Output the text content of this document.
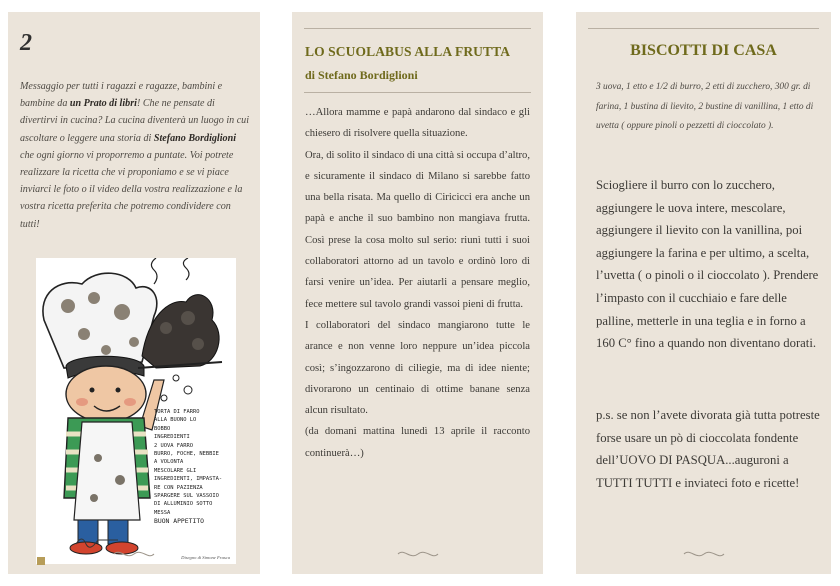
2

Messaggio per tutti i ragazzi e ragazze, bambini e bambine da un Prato di libri! Che ne pensate di divertirvi in cucina? La cucina diventerà un luogo in cui ascoltare o leggere una storia di Stefano Bordiglioni che ogni giorno vi proporremo a puntate. Voi potrete realizzare la ricetta che vi proponiamo e se vi piace inviarci le foto o il video della vostra realizzazione e la vostra ricetta preferita che potremo condividere con tutti!

TORTA DI FARRO
ALLA BUONO LO
BOBBO
INGREDIENTI
2 UOVA FARRO
BURRO, FOCHE, NEBBIE
A VOLONTA
MESCOLARE GLI
INGREDIENTI, IMPASTA-
RE CON PAZIENZA
SPARGERE SUL VASSOIO
DI ALLUMINIO SOTTO
MESSA
BUON APPETITO
Disegno di Simone Frasca
LO SCUOLABUS ALLA FRUTTA
di Stefano Bordiglioni

…Allora mamme e papà andarono dal sindaco e gli chiesero di risolvere quella situazione.

Ora, di solito il sindaco di una città si occupa d’altro, e sicuramente il sindaco di Milano si sarebbe fatto una bella risata. Ma quello di Ciricicci era anche un papà e anche il suo bambino non mangiava frutta. Così prese la cosa molto sul serio: riunì tutti i suoi collaboratori attorno ad un tavolo e ordinò loro di farsi venire un’idea. Per aiutarli a pensare meglio, fece mettere sul tavolo grandi vassoi pieni di frutta.

I collaboratori del sindaco mangiarono tutte le arance e non venne loro neppure un’idea piccola così; s’ingozzarono di ciliegie, ma di idee niente; divorarono un centinaio di ottime banane senza alcun risultato.

(da domani mattina lunedì 13 aprile il racconto continuerà…)

BISCOTTI DI CASA

3 uova, 1 etto e 1/2 di burro, 2 etti di zucchero, 300 gr. di farina, 1 bustina di lievito, 2 bustine di vanillina, 1 etto di uvetta ( oppure pinoli o pezzetti di cioccolato ).

Sciogliere il burro con lo zucchero, aggiungere le uova intere, mescolare, aggiungere il lievito con la vanillina, poi aggiungere la farina e per ultimo, a scelta, l’uvetta ( o pinoli o il cioccolato ). Prendere l’impasto con il cucchiaio e fare delle palline, metterle in una teglia e in forno a 160 C° fino a quando non diventano dorati.

p.s. se non l’avete divorata già tutta potreste forse usare un pò di cioccolata fondente dell’UOVO DI PASQUA...auguroni a TUTTI TUTTI e inviateci foto e ricette!
